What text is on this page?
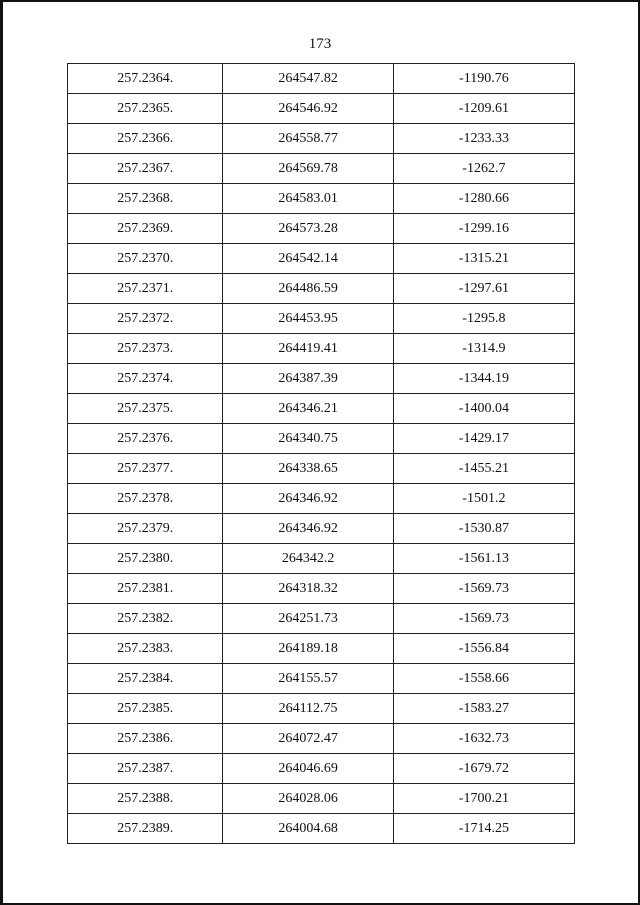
173
257.2364.	264547.82	-1190.76
257.2365.	264546.92	-1209.61
257.2366.	264558.77	-1233.33
257.2367.	264569.78	-1262.7
257.2368.	264583.01	-1280.66
257.2369.	264573.28	-1299.16
257.2370.	264542.14	-1315.21
257.2371.	264486.59	-1297.61
257.2372.	264453.95	-1295.8
257.2373.	264419.41	-1314.9
257.2374.	264387.39	-1344.19
257.2375.	264346.21	-1400.04
257.2376.	264340.75	-1429.17
257.2377.	264338.65	-1455.21
257.2378.	264346.92	-1501.2
257.2379.	264346.92	-1530.87
257.2380.	264342.2	-1561.13
257.2381.	264318.32	-1569.73
257.2382.	264251.73	-1569.73
257.2383.	264189.18	-1556.84
257.2384.	264155.57	-1558.66
257.2385.	264112.75	-1583.27
257.2386.	264072.47	-1632.73
257.2387.	264046.69	-1679.72
257.2388.	264028.06	-1700.21
257.2389.	264004.68	-1714.25
